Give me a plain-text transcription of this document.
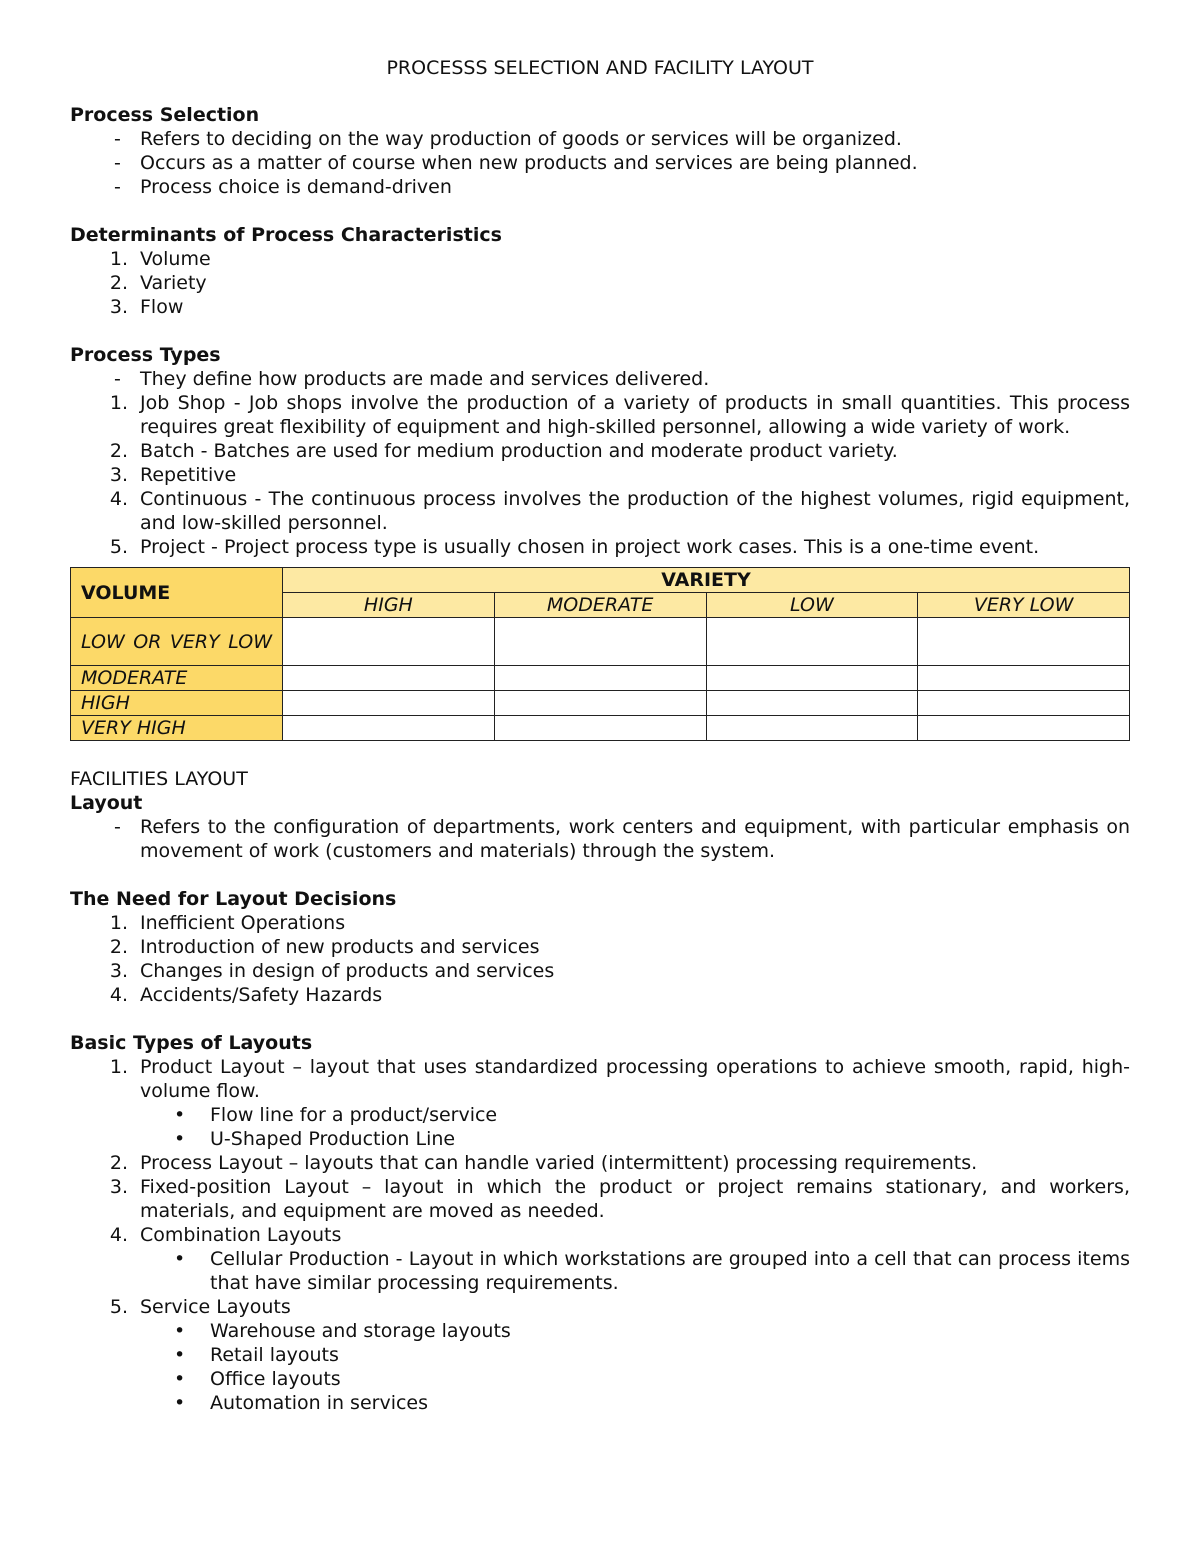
PROCESSS SELECTION AND FACILITY LAYOUT
Process Selection
-	Refers to deciding on the way production of goods or services will be organized.
-	Occurs as a matter of course when new products and services are being planned.
-	Process choice is demand-driven
Determinants of Process Characteristics
1. Volume
2. Variety
3. Flow
Process Types
-	They define how products are made and services delivered.
1. Job Shop - Job shops involve the production of a variety of products in small quantities. This process requires great flexibility of equipment and high-skilled personnel, allowing a wide variety of work.
2. Batch - Batches are used for medium production and moderate product variety.
3. Repetitive
4. Continuous - The continuous process involves the production of the highest volumes, rigid equipment, and low-skilled personnel.
5. Project - Project process type is usually chosen in project work cases. This is a one-time event.
VOLUME	VARIETY			
	HIGH	MODERATE	LOW	VERY LOW

LOW OR VERY LOW				

MODERATE				
HIGH				
VERY HIGH				
FACILITIES LAYOUT
Layout
-	Refers to the configuration of departments, work centers and equipment, with particular emphasis on movement of work (customers and materials) through the system.
The Need for Layout Decisions
1. Inefficient Operations
2. Introduction of new products and services
3. Changes in design of products and services
4. Accidents/Safety Hazards
Basic Types of Layouts
1. Product Layout – layout that uses standardized processing operations to achieve smooth, rapid, high-volume flow.
•	Flow line for a product/service
•	U-Shaped Production Line
2. Process Layout – layouts that can handle varied (intermittent) processing requirements.
3. Fixed-position Layout – layout in which the product or project remains stationary, and workers, materials, and equipment are moved as needed.
4. Combination Layouts
•	Cellular Production - Layout in which workstations are grouped into a cell that can process items that have similar processing requirements.
5. Service Layouts
•	Warehouse and storage layouts
•	Retail layouts
•	Office layouts
•	Automation in services
